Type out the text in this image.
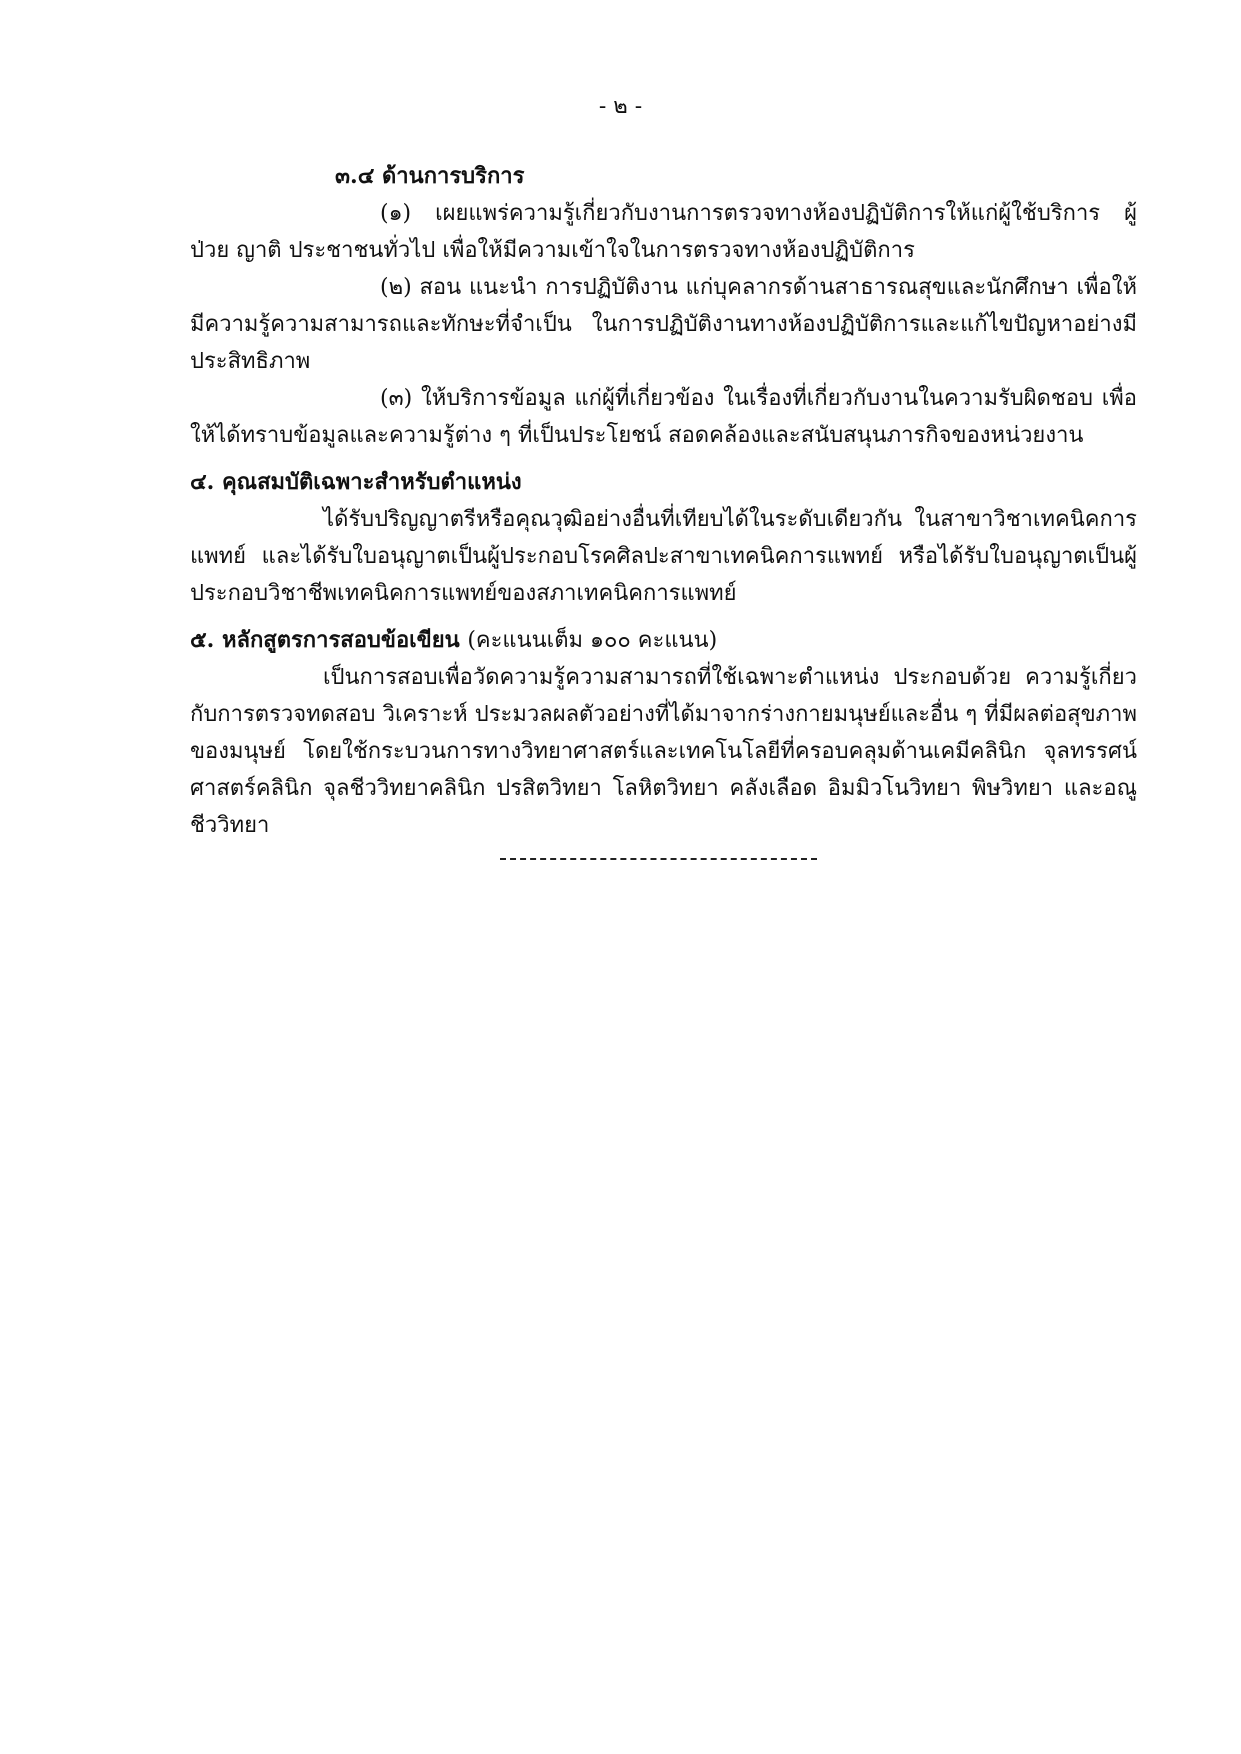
- ๒ -

๓.๔ ด้านการบริการ

(๑) เผยแพร่ความรู้เกี่ยวกับงานการตรวจทางห้องปฏิบัติการให้แก่ผู้ใช้บริการ ผู้ป่วย ญาติ ประชาชนทั่วไป เพื่อให้มีความเข้าใจในการตรวจทางห้องปฏิบัติการ

(๒) สอน แนะนำ การปฏิบัติงาน แก่บุคลากรด้านสาธารณสุขและนักศึกษา เพื่อให้มีความรู้ความสามารถและทักษะที่จำเป็น ในการปฏิบัติงานทางห้องปฏิบัติการและแก้ไขปัญหาอย่างมีประสิทธิภาพ

(๓) ให้บริการข้อมูล แก่ผู้ที่เกี่ยวข้อง ในเรื่องที่เกี่ยวกับงานในความรับผิดชอบ เพื่อให้ได้ทราบข้อมูลและความรู้ต่าง ๆ ที่เป็นประโยชน์ สอดคล้องและสนับสนุนภารกิจของหน่วยงาน

๔. คุณสมบัติเฉพาะสำหรับตำแหน่ง

ได้รับปริญญาตรีหรือคุณวุฒิอย่างอื่นที่เทียบได้ในระดับเดียวกัน ในสาขาวิชาเทคนิคการแพทย์ และได้รับใบอนุญาตเป็นผู้ประกอบโรคศิลปะสาขาเทคนิคการแพทย์ หรือได้รับใบอนุญาตเป็นผู้ประกอบวิชาชีพเทคนิคการแพทย์ของสภาเทคนิคการแพทย์

๕. หลักสูตรการสอบข้อเขียน (คะแนนเต็ม ๑๐๐ คะแนน)

เป็นการสอบเพื่อวัดความรู้ความสามารถที่ใช้เฉพาะตำแหน่ง ประกอบด้วย ความรู้เกี่ยวกับการตรวจทดสอบ วิเคราะห์ ประมวลผลตัวอย่างที่ได้มาจากร่างกายมนุษย์และอื่น ๆ ที่มีผลต่อสุขภาพของมนุษย์ โดยใช้กระบวนการทางวิทยาศาสตร์และเทคโนโลยีที่ครอบคลุมด้านเคมีคลินิก จุลทรรศน์ศาสตร์คลินิก จุลชีววิทยาคลินิก ปรสิตวิทยา โลหิตวิทยา คลังเลือด อิมมิวโนวิทยา พิษวิทยา และอณูชีววิทยา
